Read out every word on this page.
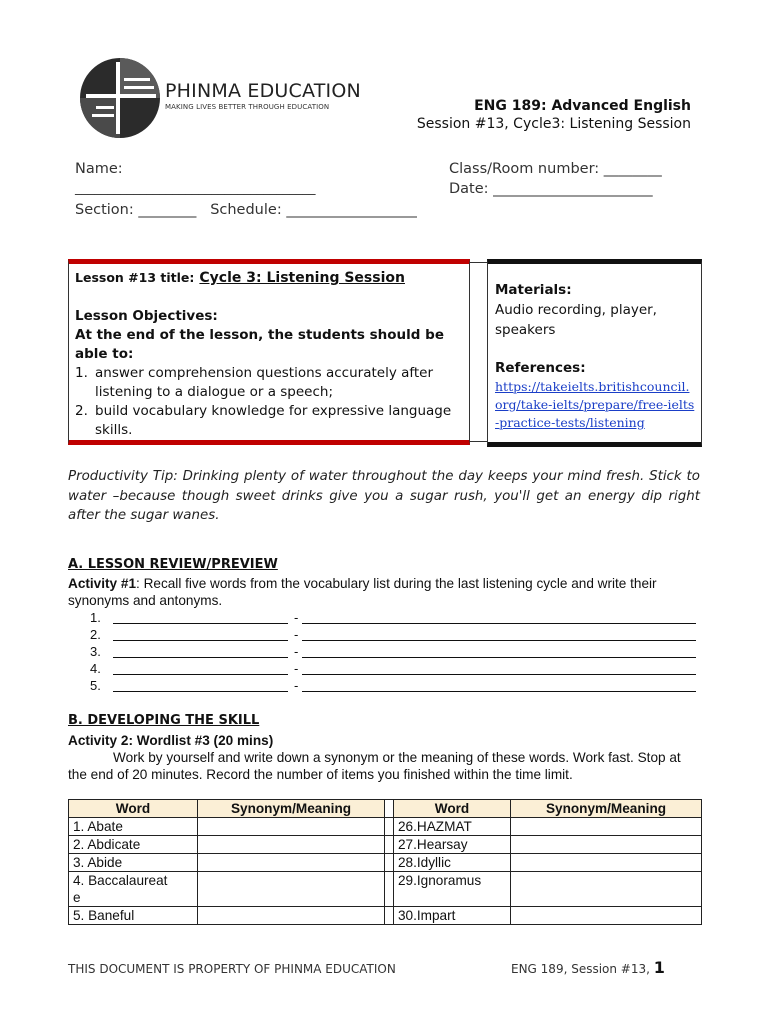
PHINMA EDUCATION
MAKING LIVES BETTER THROUGH EDUCATION	ENG 189: Advanced English
Session #13, Cycle3: Listening Session
Name:
_____________________________________
Class/Room number: ________
Date: ______________________
Section: ________   Schedule: __________________
Lesson #13 title: Cycle 3: Listening Session
Lesson Objectives:
At the end of the lesson, the students should be able to:
1. answer comprehension questions accurately after listening to a dialogue or a speech;
2. build vocabulary knowledge for expressive language skills.
Materials:
Audio recording, player, speakers
References:
https://takeielts.britishcouncil.org/take-ielts/prepare/free-ielts-practice-tests/listening
Productivity Tip: Drinking plenty of water throughout the day keeps your mind fresh. Stick to water –because though sweet drinks give you a sugar rush, you'll get an energy dip right after the sugar wanes.
A. LESSON REVIEW/PREVIEW
Activity #1: Recall five words from the vocabulary list during the last listening cycle and write their synonyms and antonyms.
1.	-
2.	-
3.	-
4.	-
5.	-
B. DEVELOPING THE SKILL
Activity 2: Wordlist #3 (20 mins)
Work by yourself and write down a synonym or the meaning of these words. Work fast. Stop at the end of 20 minutes. Record the number of items you finished within the time limit.
Word	Synonym/Meaning		Word	Synonym/Meaning
1. Abate			26.HAZMAT	
2. Abdicate			27.Hearsay	
3. Abide			28.Idyllic	
4. Baccalaureat e			29.Ignoramus	
5. Baneful			30.Impart	
THIS DOCUMENT IS PROPERTY OF PHINMA EDUCATION	ENG 189, Session #13, 1
